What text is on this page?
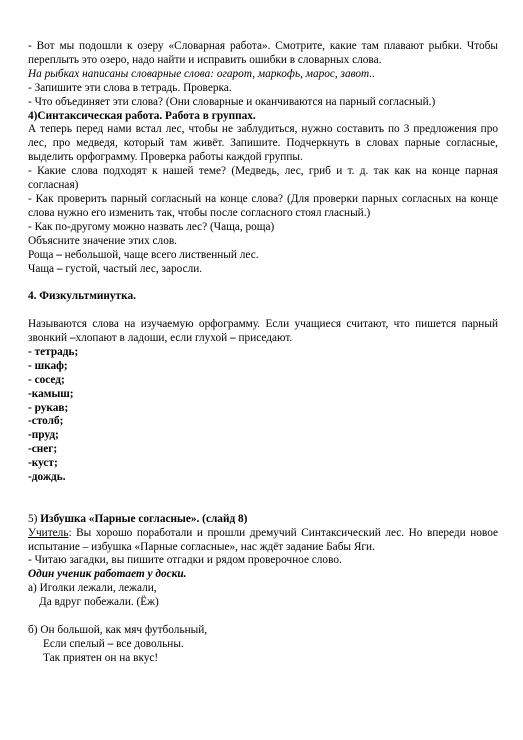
- Вот мы подошли к озеру «Словарная работа». Смотрите, какие там плавают рыбки. Чтобы переплыть это озеро, надо найти и исправить ошибки в словарных слова.

На рыбках написаны словарные слова: огарот, маркофь, марос, завот..

- Запишите эти слова в тетрадь. Проверка.

- Что объединяет эти слова? (Они словарные и оканчиваются на парный согласный.)

4)Синтаксическая работа. Работа в группах.

А теперь перед нами встал лес, чтобы не заблудиться, нужно составить по 3 предложения про лес, про медведя, который там живёт. Запишите. Подчеркнуть в словах парные согласные, выделить орфограмму. Проверка работы каждой группы.

- Какие слова подходят к нашей теме? (Медведь, лес, гриб и т. д. так как на конце парная согласная)

- Как проверить парный согласный на конце слова? (Для проверки парных согласных на конце слова нужно его изменить так, чтобы после согласного стоял гласный.)

- Как по-другому можно назвать лес? (Чаща, роща)

Объясните значение этих слов.

Роща – небольшой, чаще всего лиственный лес.

Чаща – густой, частый лес, заросли.

4. Физкультминутка.

Называются слова на изучаемую орфограмму. Если учащиеся считают, что пишется парный звонкий –хлопают в ладоши, если глухой – приседают.

- тетрадь;

- шкаф;

- сосед;

-камыш;

- рукав;

-столб;

-пруд;

-снег;

-куст;

-дождь.

5) Избушка «Парные согласные». (слайд 8)

Учитель: Вы хорошо поработали и прошли дремучий Синтаксический лес. Но впереди новое испытание – избушка «Парные согласные», нас ждёт задание Бабы Яги.

- Читаю загадки, вы пишите отгадки и рядом проверочное слово.

Один ученик работает у доски.

а) Иголки лежали, лежали,

Да вдруг побежали. (Ёж)

б) Он большой, как мяч футбольный,

Если спелый – все довольны.

Так приятен он на вкус!
